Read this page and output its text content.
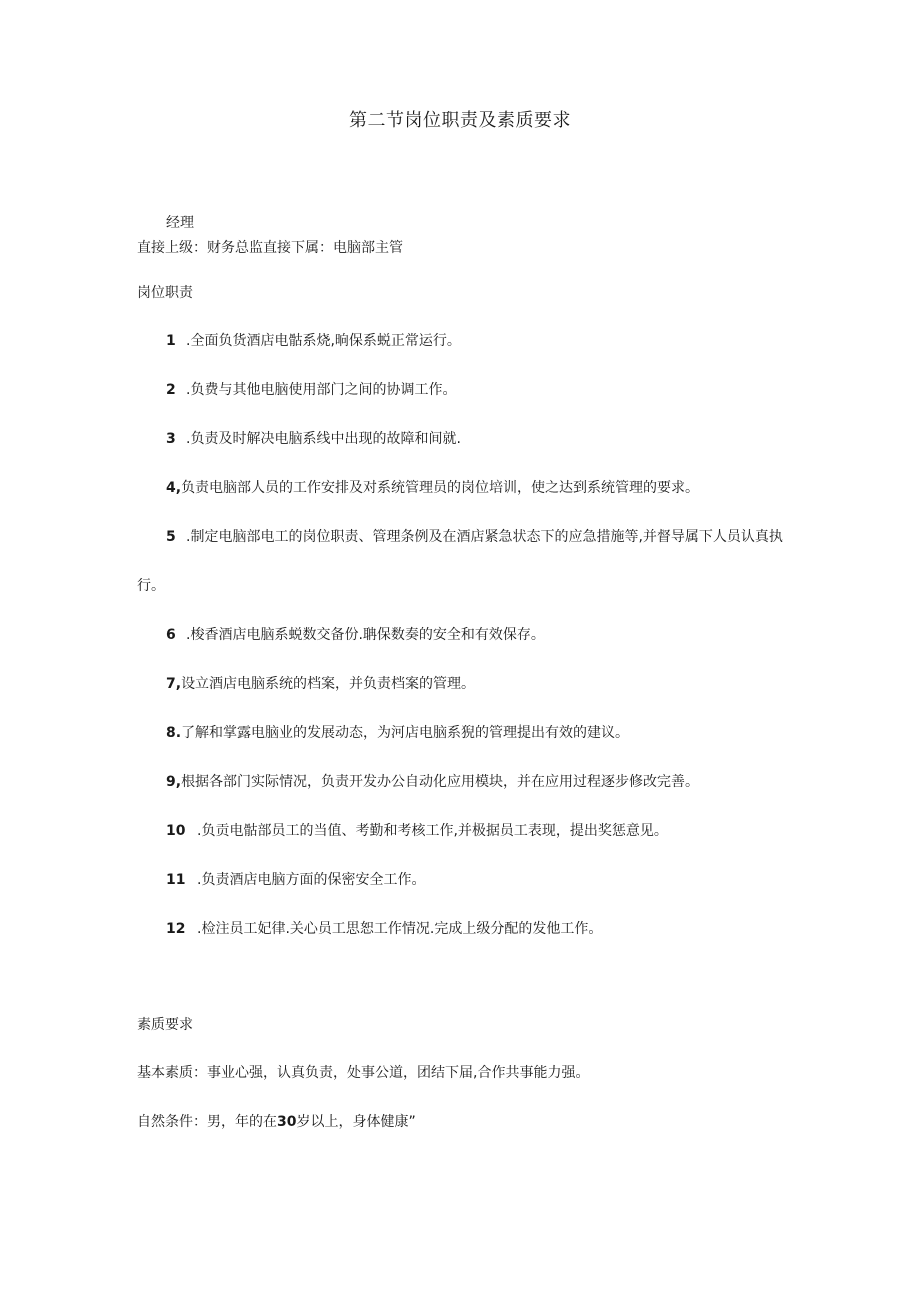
第二节岗位职责及素质要求
经理
直接上级：财务总监直接下属：电脑部主管
岗位职责
1 .全面负货酒店电骷系烧,晌保系蜕正常运行。
2 .负费与其他电脑使用部门之间的协调工作。
3 .负责及时解决电脑系线中出现的故障和间就.
4,负责电脑部人员的工作安排及对系统管理员的岗位培训，使之达到系统管理的要求。
5 .制定电脑部电工的岗位职责、管理条例及在酒店紧急状态下的应急措施等,并督导属下人员认真执
行。
6 .梭香酒店电脑系蜕数交备份.聃保数奏的安全和有效保存。
7,设立酒店电脑系统的档案，并负责档案的管理。
8.了解和掌露电脑业的发展动态，为河店电脑系猊的管理提出有效的建议。
9,根据各部门实际情况，负责开发办公自动化应用模块，并在应用过程逐步修改完善。
10 .负贡电骷部员工的当值、考勤和考核工作,并极据员工表现，提出奖惩意见。
11 .负责酒店电脑方面的保密安全工作。
12 .检注员工妃律.关心员工思恕工作情况.完成上级分配的发他工作。
素质要求
基本素质：事业心强，认真负责，处事公道，团结下届,合作共事能力强。
自然条件：男，年的在30岁以上，身体健康”
